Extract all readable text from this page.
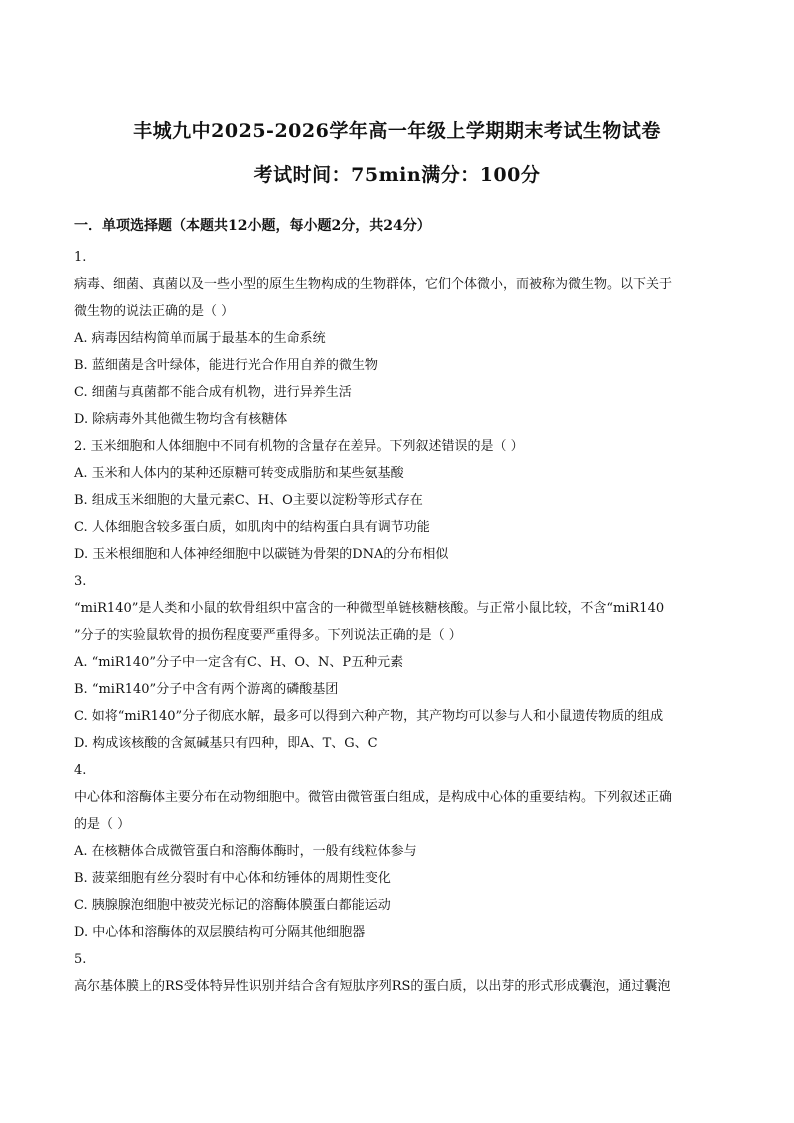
丰城九中2025-2026学年高一年级上学期期末考试生物试卷
考试时间：75min满分：100分
一．单项选择题（本题共12小题，每小题2分，共24分）
1.
病毒、细菌、真菌以及一些小型的原生生物构成的生物群体，它们个体微小，而被称为微生物。以下关于
微生物的说法正确的是（ ）
A. 病毒因结构简单而属于最基本的生命系统
B. 蓝细菌是含叶绿体，能进行光合作用自养的微生物
C. 细菌与真菌都不能合成有机物，进行异养生活
D. 除病毒外其他微生物均含有核糖体
2. 玉米细胞和人体细胞中不同有机物的含量存在差异。下列叙述错误的是（ ）
A. 玉米和人体内的某种还原糖可转变成脂肪和某些氨基酸
B. 组成玉米细胞的大量元素C、H、O主要以淀粉等形式存在
C. 人体细胞含较多蛋白质，如肌肉中的结构蛋白具有调节功能
D. 玉米根细胞和人体神经细胞中以碳链为骨架的DNA的分布相似
3.
“miR140”是人类和小鼠的软骨组织中富含的一种微型单链核糖核酸。与正常小鼠比较，不含“miR140
”分子的实验鼠软骨的损伤程度要严重得多。下列说法正确的是（ ）
A. “miR140”分子中一定含有C、H、O、N、P五种元素
B. “miR140”分子中含有两个游离的磷酸基团
C. 如将“miR140”分子彻底水解，最多可以得到六种产物，其产物均可以参与人和小鼠遗传物质的组成
D. 构成该核酸的含氮碱基只有四种，即A、T、G、C
4.
中心体和溶酶体主要分布在动物细胞中。微管由微管蛋白组成，是构成中心体的重要结构。下列叙述正确
的是（ ）
A. 在核糖体合成微管蛋白和溶酶体酶时，一般有线粒体参与
B. 菠菜细胞有丝分裂时有中心体和纺锤体的周期性变化
C. 胰腺腺泡细胞中被荧光标记的溶酶体膜蛋白都能运动
D. 中心体和溶酶体的双层膜结构可分隔其他细胞器
5.
高尔基体膜上的RS受体特异性识别并结合含有短肽序列RS的蛋白质，以出芽的形式形成囊泡，通过囊泡
